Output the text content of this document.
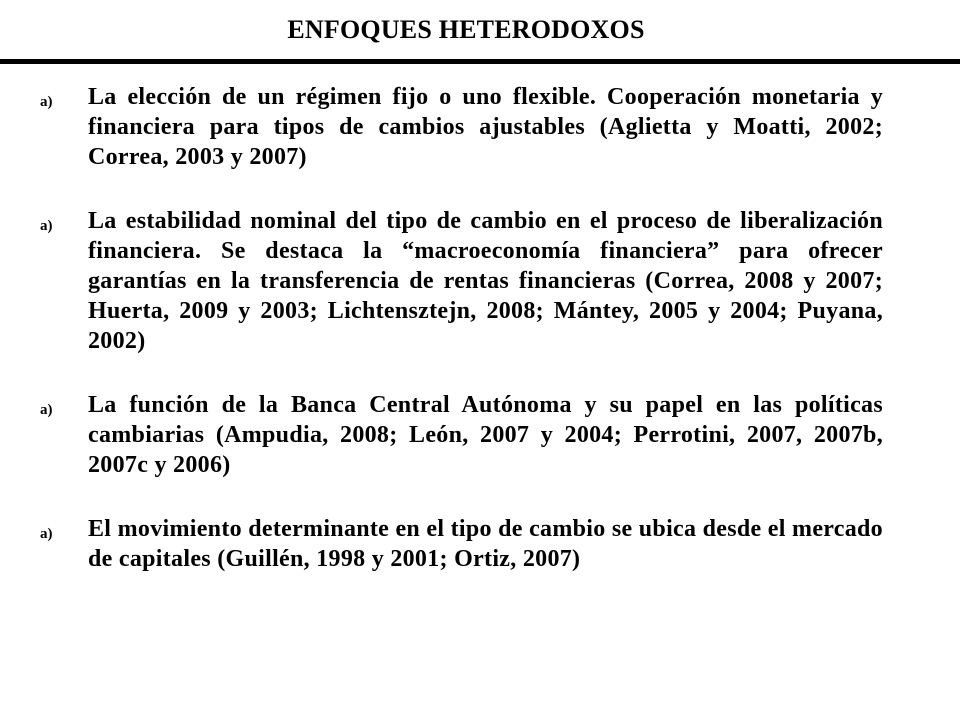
ENFOQUES HETERODOXOS
a) La elección de un régimen fijo o uno flexible. Cooperación monetaria y financiera para tipos de cambios ajustables (Aglietta y Moatti, 2002; Correa, 2003 y 2007)
a) La estabilidad nominal del tipo de cambio en el proceso de liberalización financiera. Se destaca la “macroeconomía financiera” para ofrecer garantías en la transferencia de rentas financieras (Correa, 2008 y 2007; Huerta, 2009 y 2003; Lichtensztejn, 2008; Mántey, 2005 y 2004; Puyana, 2002)
a) La función de la Banca Central Autónoma y su papel en las políticas cambiarias (Ampudia, 2008; León, 2007 y 2004; Perrotini, 2007, 2007b, 2007c y 2006)
a) El movimiento determinante en el tipo de cambio se ubica desde el mercado de capitales (Guillén, 1998 y 2001; Ortiz, 2007)
